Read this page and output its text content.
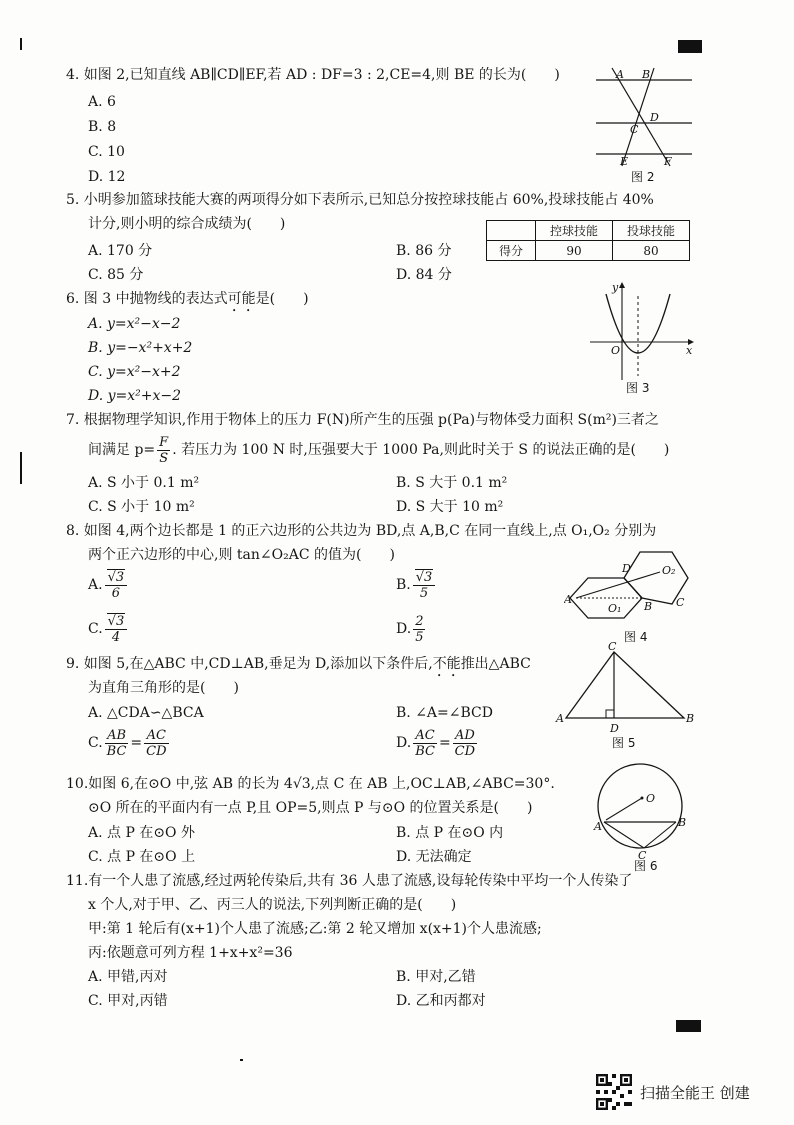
4. 如图 2,已知直线 AB∥CD∥EF,若 AD : DF=3 : 2,CE=4,则 BE 的长为(　　)
A. 6
B. 8
C. 10
D. 12
A B
D
C
E	F
图 2
5. 小明参加篮球技能大赛的两项得分如下表所示,已知总分按控球技能占 60%,投球技能占 40%
计分,则小明的综合成绩为(　　)
A. 170 分	B. 86 分
C. 85 分	D. 84 分
	控球技能	投球技能
得分	90	80
6. 图 3 中抛物线的表达式可能是(　　)
A. y=x²−x−2
B. y=−x²+x+2
C. y=x²−x+2
D. y=x²+x−2
y
O	x
图 3
7. 根据物理学知识,作用于物体上的压力 F(N)所产生的压强 p(Pa)与物体受力面积 S(m²)三者之
间满足 $p= \frac{F}{S}$ . 若压力为 100 N 时,压强要大于 1000 Pa,则此时关于 S 的说法正确的是(　　)
A. S 小于 0.1 m²	B. S 大于 0.1 m²
C. S 小于 10 m²	D. S 大于 10 m²
8. 如图 4,两个边长都是 1 的正六边形的公共边为 BD,点 A,B,C 在同一直线上,点 O₁,O₂ 分别为
两个正六边形的中心,则 tan∠O₂AC 的值为(　　)
A. $\frac{√3}{6}$	B. $\frac{√3}{5}$
C. $\frac{√3}{4}$	D. $\frac{2}{5}$
D	O₂
A
O₁ B C
图 4
9. 如图 5,在△ABC 中,CD⊥AB,垂足为 D,添加以下条件后,不能推出△ABC
为直角三角形的是(　　)
A. △CDA∽△BCA	B. ∠A=∠BCD
C. $\frac{AB}{BC} = \frac{AC}{CD}$	D. $\frac{AC}{BC} = \frac{AD}{CD}$
C
A
D
B
图 5
10.如图 6,在⊙O 中,弦 AB 的长为 4√3,点 C 在 AB 上,OC⊥AB,∠ABC=30°.
⊙O 所在的平面内有一点 P,且 OP=5,则点 P 与⊙O 的位置关系是(　　)
A. 点 P 在⊙O 外	B. 点 P 在⊙O 内
C. 点 P 在⊙O 上	D. 无法确定
O
A	B
C
图 6
11.有一个人患了流感,经过两轮传染后,共有 36 人患了流感,设每轮传染中平均一个人传染了
x 个人,对于甲、乙、丙三人的说法,下列判断正确的是(　　)
甲:第 1 轮后有(x+1)个人患了流感;乙:第 2 轮又增加 x(x+1)个人患流感;
丙:依题意可列方程 1+x+x²=36
A. 甲错,丙对	B. 甲对,乙错
C. 甲对,丙错	D. 乙和丙都对
扫描全能王 创建
